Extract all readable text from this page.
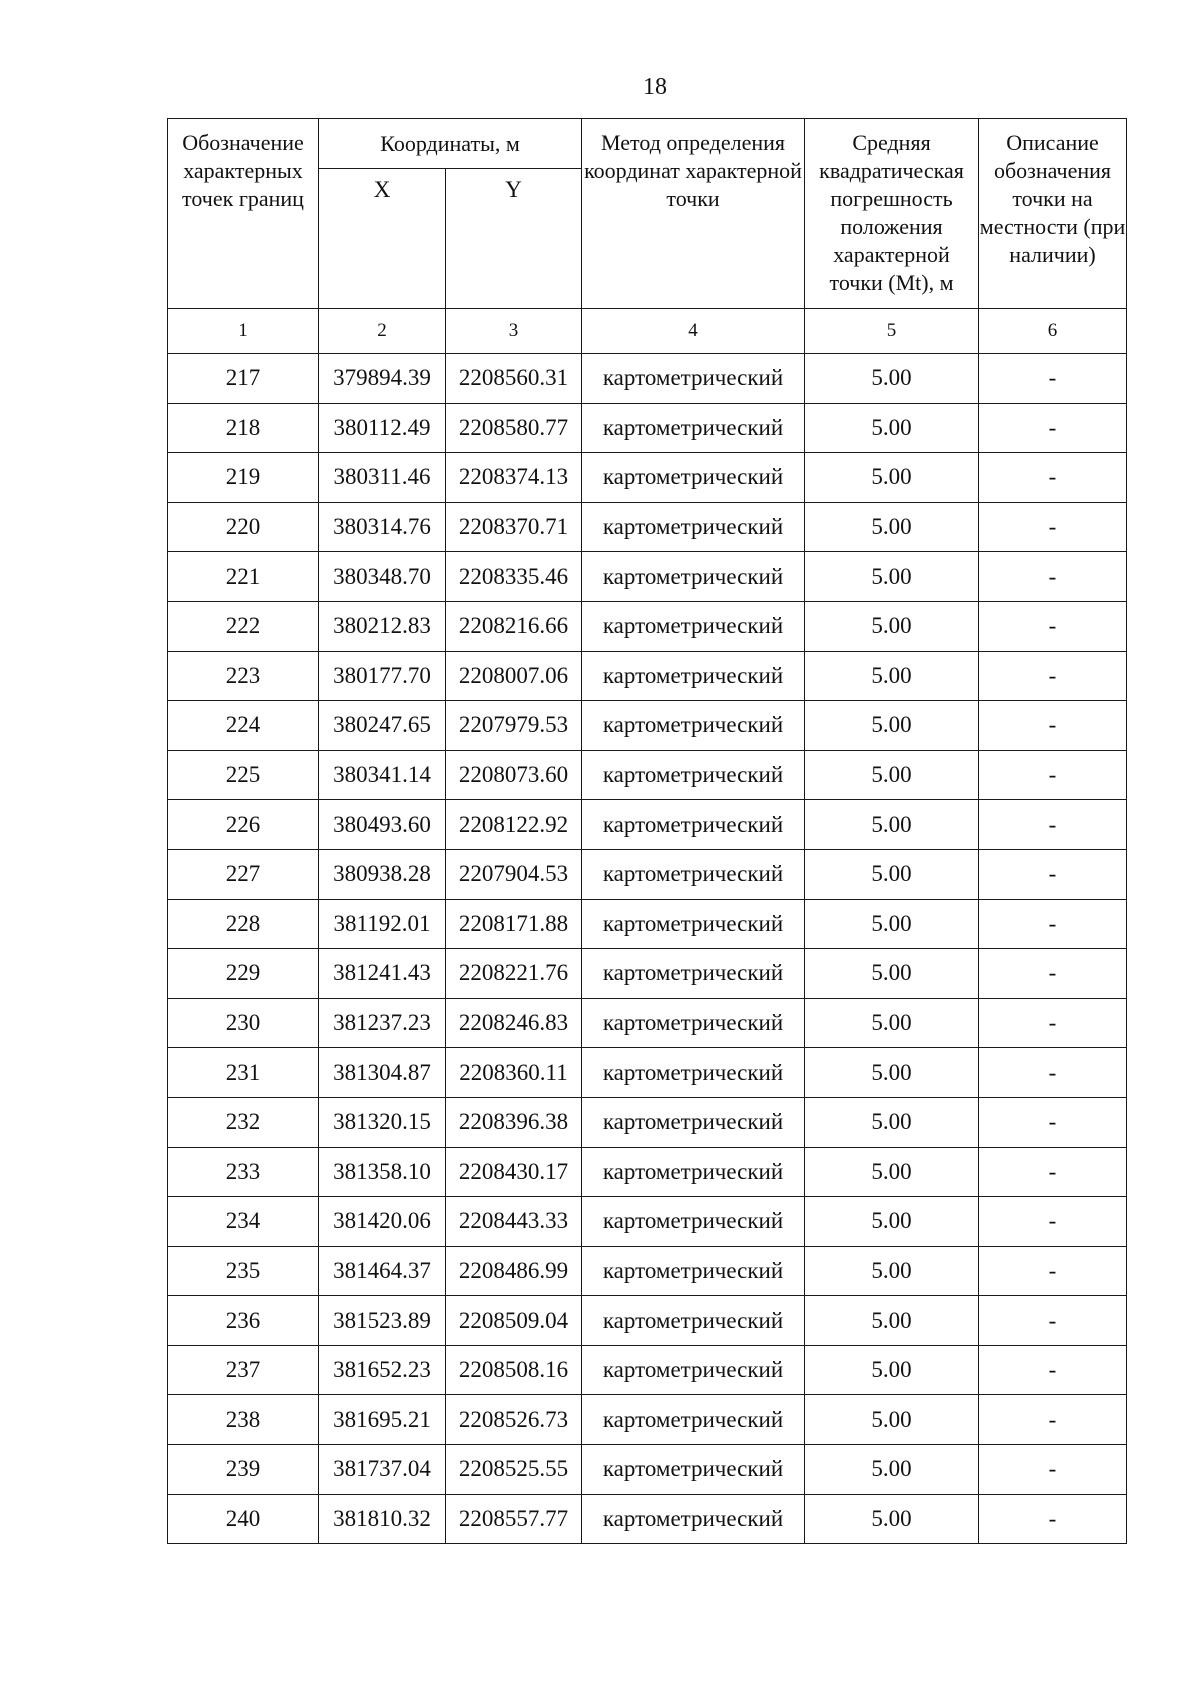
18
Обозначение характерных точек границ	Координаты, м		Метод определения координат характерной точки	Средняя квадратическая погрешность положения характерной точки (Mt), м	Описание обозначения точки на местности (при наличии)
	X	Y			
1	2	3	4	5	6
217	379894.39	2208560.31	картометрический	5.00	-
218	380112.49	2208580.77	картометрический	5.00	-
219	380311.46	2208374.13	картометрический	5.00	-
220	380314.76	2208370.71	картометрический	5.00	-
221	380348.70	2208335.46	картометрический	5.00	-
222	380212.83	2208216.66	картометрический	5.00	-
223	380177.70	2208007.06	картометрический	5.00	-
224	380247.65	2207979.53	картометрический	5.00	-
225	380341.14	2208073.60	картометрический	5.00	-
226	380493.60	2208122.92	картометрический	5.00	-
227	380938.28	2207904.53	картометрический	5.00	-
228	381192.01	2208171.88	картометрический	5.00	-
229	381241.43	2208221.76	картометрический	5.00	-
230	381237.23	2208246.83	картометрический	5.00	-
231	381304.87	2208360.11	картометрический	5.00	-
232	381320.15	2208396.38	картометрический	5.00	-
233	381358.10	2208430.17	картометрический	5.00	-
234	381420.06	2208443.33	картометрический	5.00	-
235	381464.37	2208486.99	картометрический	5.00	-
236	381523.89	2208509.04	картометрический	5.00	-
237	381652.23	2208508.16	картометрический	5.00	-
238	381695.21	2208526.73	картометрический	5.00	-
239	381737.04	2208525.55	картометрический	5.00	-
240	381810.32	2208557.77	картометрический	5.00	-
